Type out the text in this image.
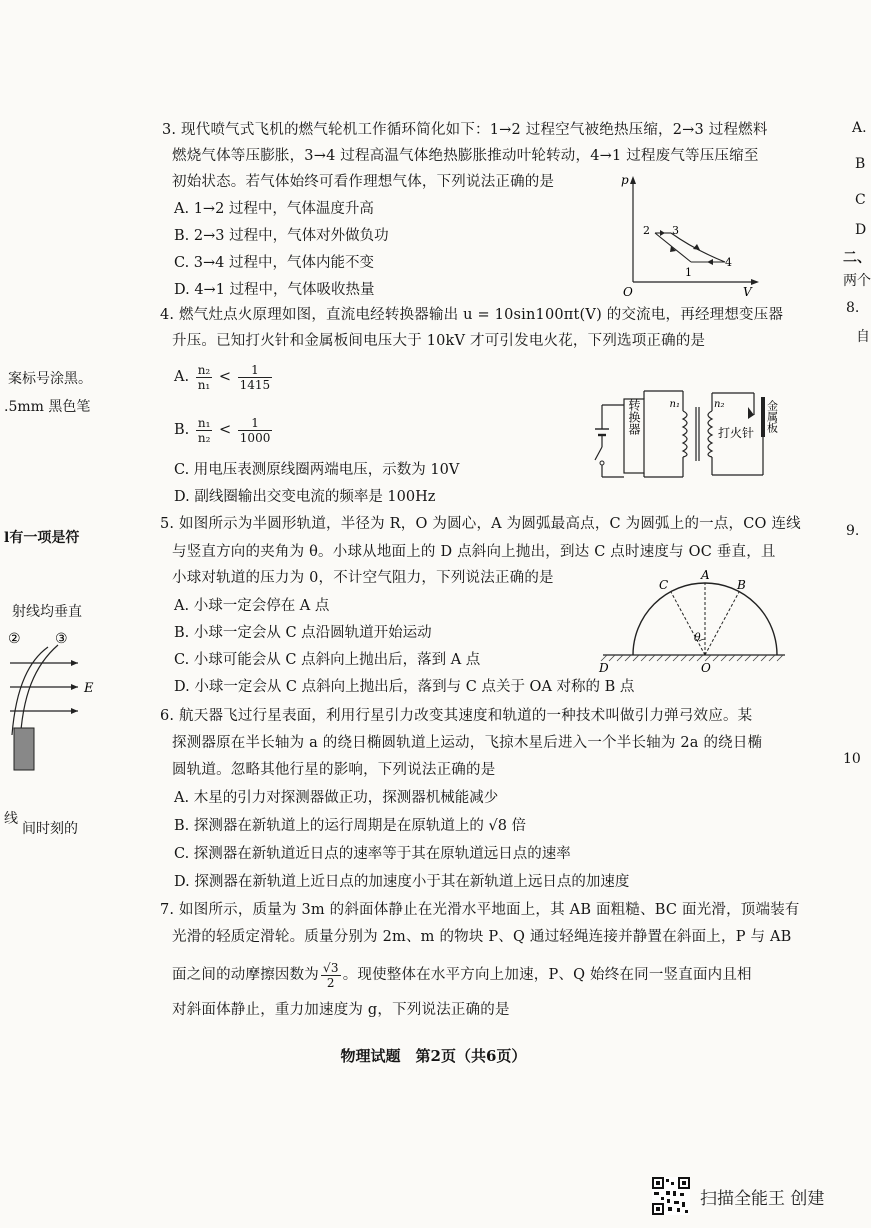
案标号涂黑。
.5mm 黑色笔
l有一项是符
射线均垂直
② ③
E
线
间时刻的
A.
B
C
D
二、
两个
8.
自
9.
10
3. 现代喷气式飞机的燃气轮机工作循环简化如下：1→2 过程空气被绝热压缩，2→3 过程燃料
燃烧气体等压膨胀，3→4 过程高温气体绝热膨胀推动叶轮转动，4→1 过程废气等压压缩至
初始状态。若气体始终可看作理想气体，下列说法正确的是
A. 1→2 过程中，气体温度升高
B. 2→3 过程中，气体对外做负功
C. 3→4 过程中，气体内能不变
D. 4→1 过程中，气体吸收热量
p
V
O
2 3
1
4
4. 燃气灶点火原理如图，直流电经转换器输出 u = 10sin100πt(V) 的交流电，再经理想变压器
升压。已知打火针和金属板间电压大于 10kV 才可引发电火花，下列选项正确的是
A. $\frac{\text{n₂}}{\text{n₁}} < \frac{1}{1415}$
B. $\frac{\text{n₁}}{\text{n₂}} < \frac{1}{1000}$
C. 用电压表测原线圈两端电压，示数为 10V
D. 副线圈输出交变电流的频率是 100Hz
转换器	n₁	n₂
打火针 金属板
5. 如图所示为半圆形轨道，半径为 R，O 为圆心，A 为圆弧最高点，C 为圆弧上的一点，CO 连线
与竖直方向的夹角为 θ。小球从地面上的 D 点斜向上抛出，到达 C 点时速度与 OC 垂直，且
小球对轨道的压力为 0，不计空气阻力，下列说法正确的是
A. 小球一定会停在 A 点
B. 小球一定会从 C 点沿圆轨道开始运动
C. 小球可能会从 C 点斜向上抛出后，落到 A 点
D. 小球一定会从 C 点斜向上抛出后，落到与 C 点关于 OA 对称的 B 点
C
A
B
θ
D	O
6. 航天器飞过行星表面，利用行星引力改变其速度和轨道的一种技术叫做引力弹弓效应。某
探测器原在半长轴为 a 的绕日椭圆轨道上运动，飞掠木星后进入一个半长轴为 2a 的绕日椭
圆轨道。忽略其他行星的影响，下列说法正确的是
A. 木星的引力对探测器做正功，探测器机械能减少
B. 探测器在新轨道上的运行周期是在原轨道上的 √8 倍
C. 探测器在新轨道近日点的速率等于其在原轨道远日点的速率
D. 探测器在新轨道上近日点的加速度小于其在新轨道上远日点的加速度
7. 如图所示，质量为 3m 的斜面体静止在光滑水平地面上，其 AB 面粗糙、BC 面光滑，顶端装有
光滑的轻质定滑轮。质量分别为 2m、m 的物块 P、Q 通过轻绳连接并静置在斜面上，P 与 AB
面之间的动摩擦因数为 $\frac{√3}{2}$ 。现使整体在水平方向上加速，P、Q 始终在同一竖直面内且相
对斜面体静止，重力加速度为 g，下列说法正确的是
物理试题　第2页（共6页）
扫描全能王 创建
